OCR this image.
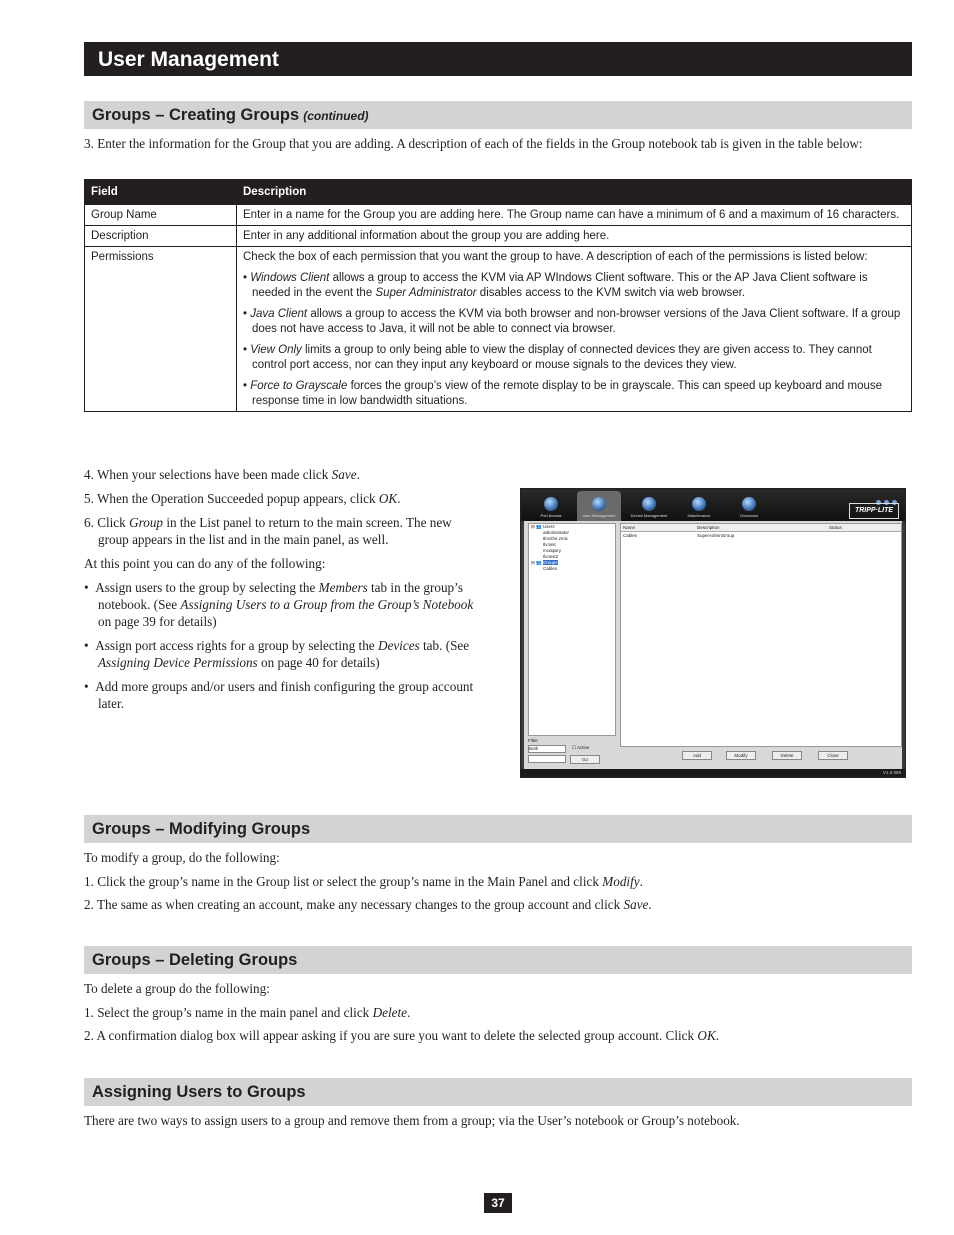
User Management
Groups – Creating Groups (continued)
3. Enter the information for the Group that you are adding. A description of each of the fields in the Group notebook tab is given in the table below:
Field	Description
Group Name	Enter in a name for the Group you are adding here. The Group name can have a minimum of 6 and a maximum of 16 characters.
Description	Enter in any additional information about the group you are adding here.
Permissions	Check the box of each permission that you want the group to have. A description of each of the permissions is listed below:

• Windows Client allows a group to access the KVM via AP WIndows Client software. This or the AP Java Client software is needed in the event the Super Administrator disables access to the KVM switch via web browser.

• Java Client allows a group to access the KVM via both browser and non-browser versions of the Java Client software. If a group does not have access to Java, it will not be able to connect via browser.

• View Only limits a group to only being able to view the display of connected devices they are given access to. They cannot control port access, nor can they input any keyboard or mouse signals to the devices they view.

• Force to Grayscale forces the group’s view of the remote display to be in grayscale. This can speed up keyboard and mouse response time in low bandwidth situations.

4. When your selections have been made click Save.
5. When the Operation Succeeded popup appears, click OK.
6. Click Group in the List panel to return to the main screen. The new group appears in the list and in the main panel, as well.
At this point you can do any of the following:
•  Assign users to the group by selecting the Members tab in the group’s notebook. (See Assigning Users to a Group from the Group’s Notebook on page 39 for details)
•  Assign port access rights for a group by selecting the Devices tab. (See Assigning Device Permissions on page 40 for details)
•  Add more groups and/or users and finish configuring the group account later.
Port Access	User Management	Device Management	Maintenance	Download
TRIPP·LITE
⊟ 👥 Users
administrator
tlmcthe.zmic
tlv.test
mcdqwry
tlv.test2
⊟ 👥 Groups
Cables
Name	Description	Status
Cables	SuperAdminGroup
Filter
Both	☐ Active
Go
Add	Modify	Delete	Close
V1.0.069
Groups – Modifying Groups
To modify a group, do the following:
1. Click the group’s name in the Group list or select the group’s name in the Main Panel and click Modify.
2. The same as when creating an account, make any necessary changes to the group account and click Save.
Groups – Deleting Groups
To delete a group do the following:
1. Select the group’s name in the main panel and click Delete.
2. A confirmation dialog box will appear asking if you are sure you want to delete the selected group account. Click OK.
Assigning Users to Groups
There are two ways to assign users to a group and remove them from a group; via the User’s notebook or Group’s notebook.
37
